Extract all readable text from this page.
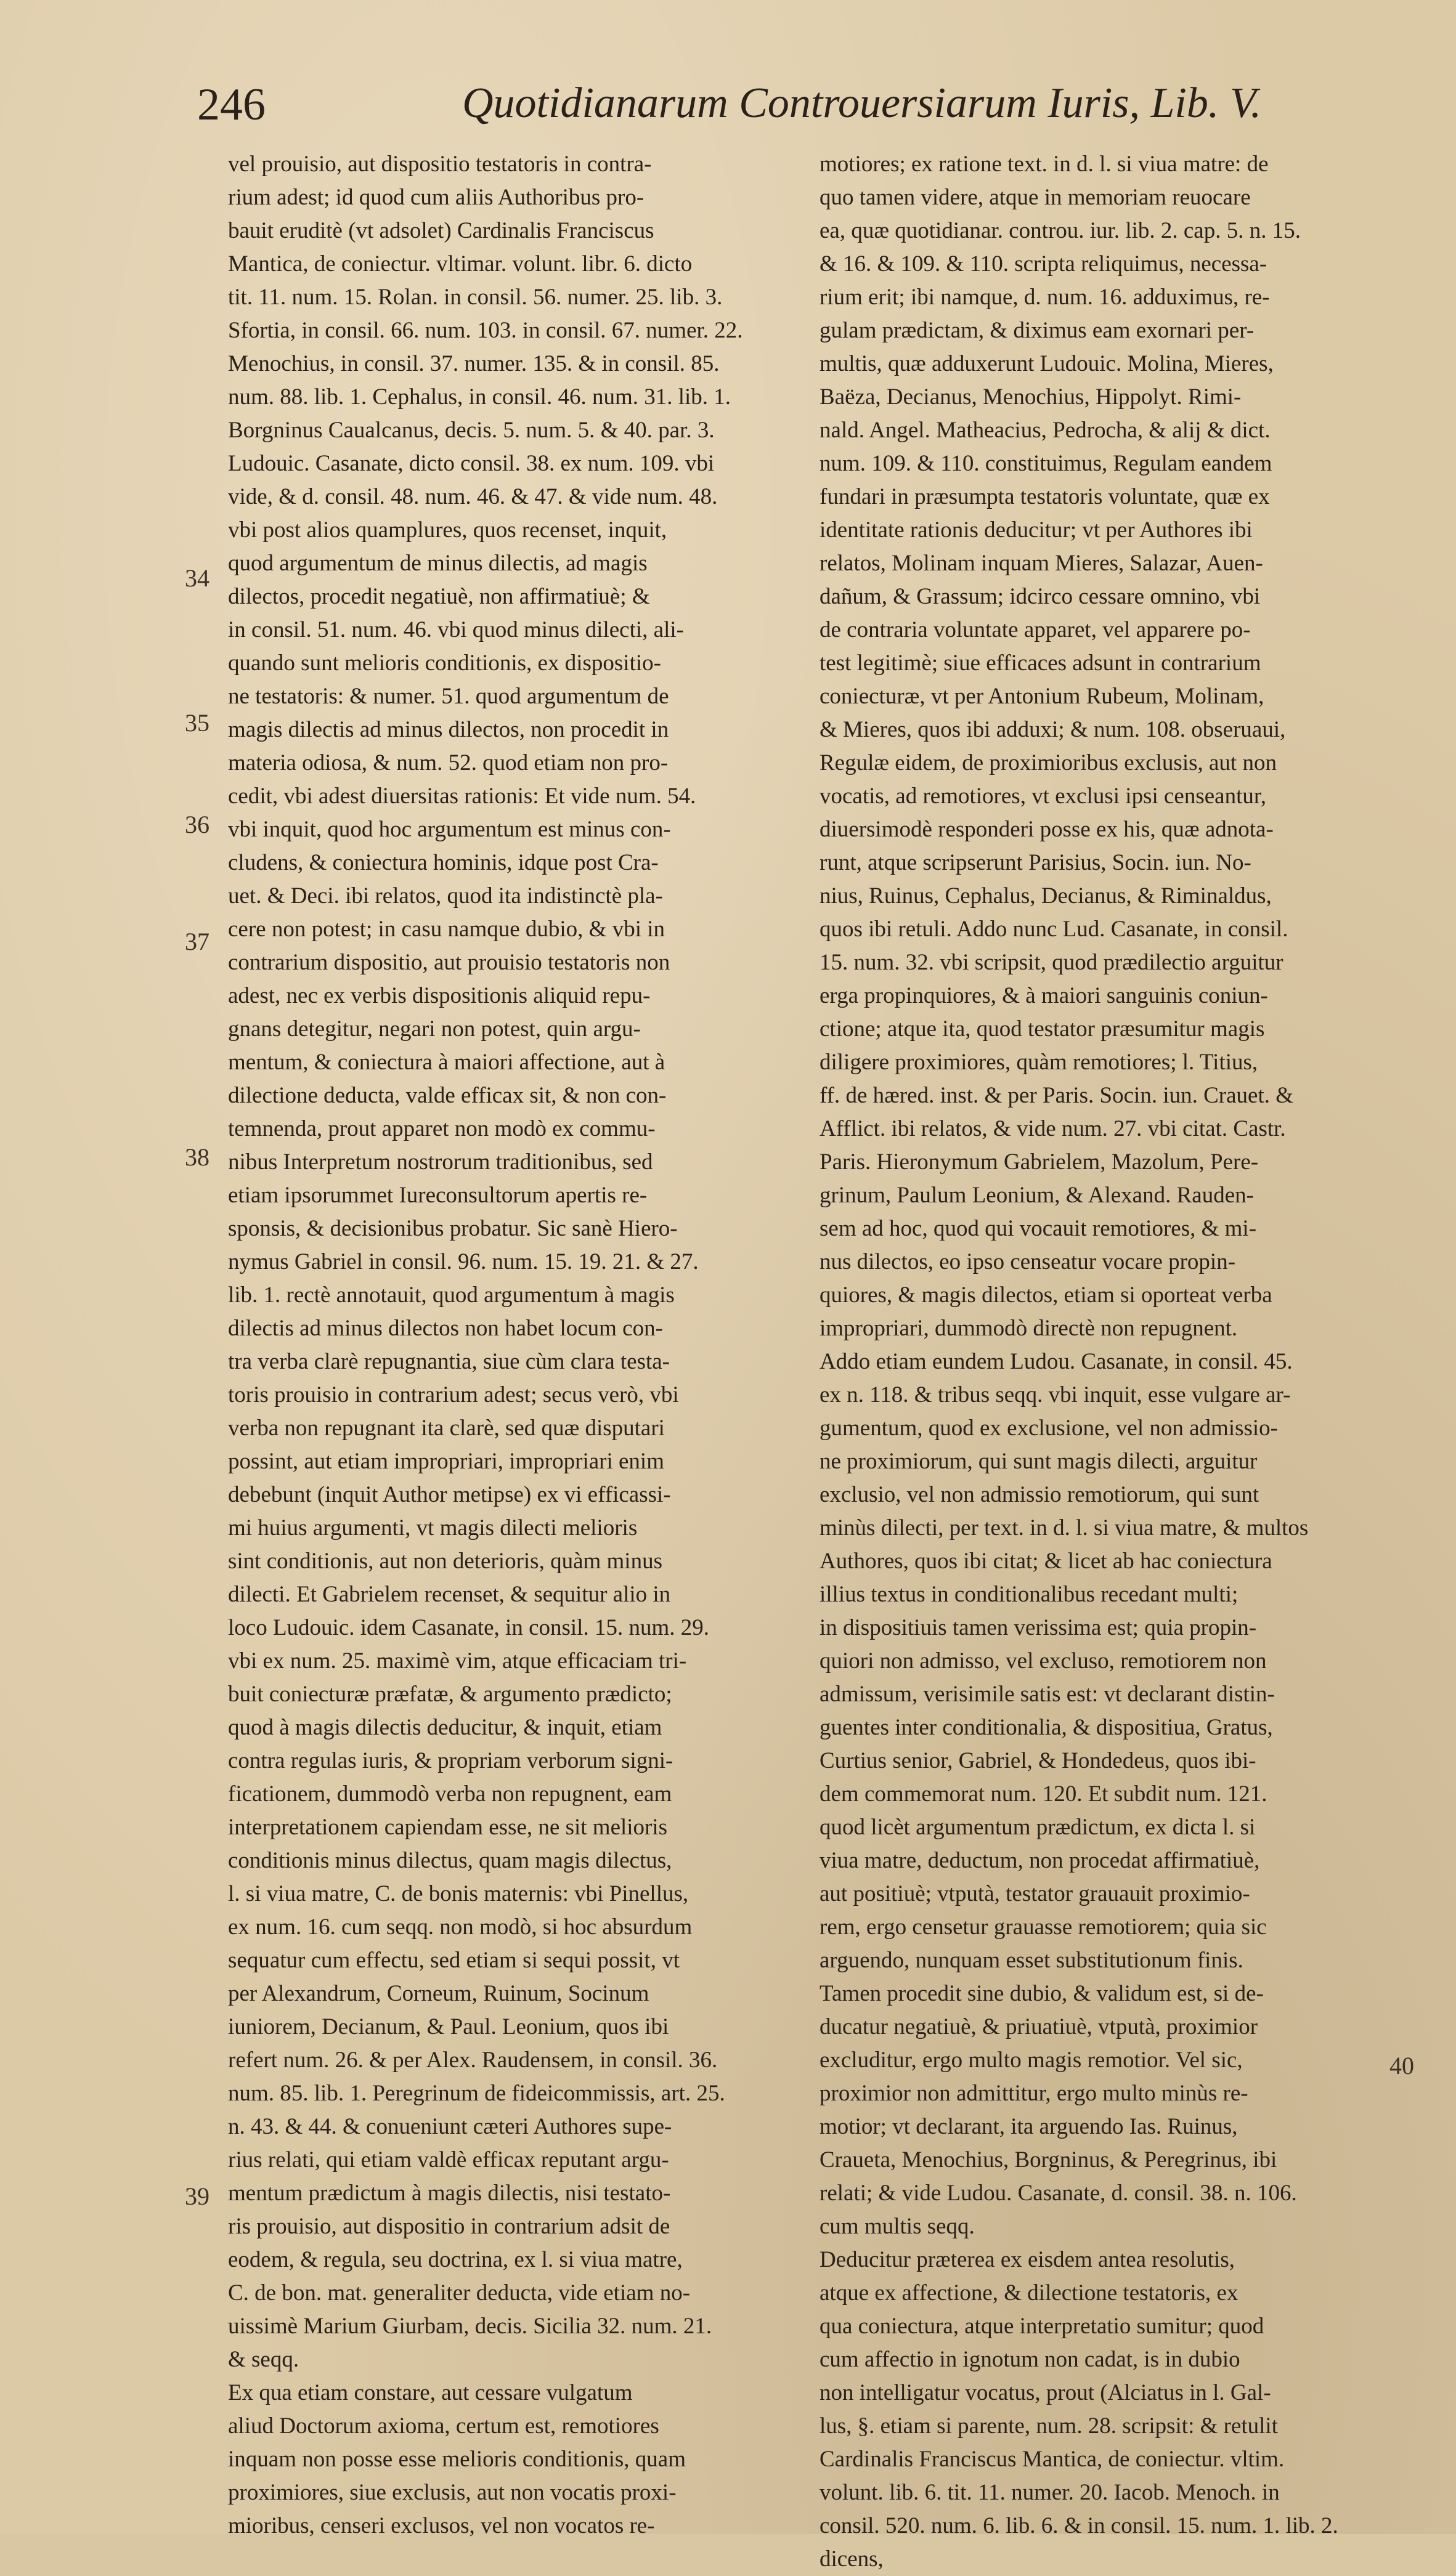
246	Quotidianarum Controuersiarum Iuris, Lib. V.
vel prouisio, aut dispositio testatoris in contra-
rium adest; id quod cum aliis Authoribus pro-
bauit eruditè (vt adsolet) Cardinalis Franciscus
Mantica, de coniectur. vltimar. volunt. libr. 6. dicto
tit. 11. num. 15. Rolan. in consil. 56. numer. 25. lib. 3.
Sfortia, in consil. 66. num. 103. in consil. 67. numer. 22.
Menochius, in consil. 37. numer. 135. & in consil. 85.
num. 88. lib. 1. Cephalus, in consil. 46. num. 31. lib. 1.
Borgninus Caualcanus, decis. 5. num. 5. & 40. par. 3.
Ludouic. Casanate, dicto consil. 38. ex num. 109. vbi
vide, & d. consil. 48. num. 46. & 47. & vide num. 48.
vbi post alios quamplures, quos recenset, inquit,
quod argumentum de minus dilectis, ad magis
dilectos, procedit negatiuè, non affirmatiuè; &
in consil. 51. num. 46. vbi quod minus dilecti, ali-
quando sunt melioris conditionis, ex dispositio-
ne testatoris: & numer. 51. quod argumentum de
magis dilectis ad minus dilectos, non procedit in
materia odiosa, & num. 52. quod etiam non pro-
cedit, vbi adest diuersitas rationis: Et vide num. 54.
vbi inquit, quod hoc argumentum est minus con-
cludens, & coniectura hominis, idque post Cra-
uet. & Deci. ibi relatos, quod ita indistinctè pla-
cere non potest; in casu namque dubio, & vbi in
contrarium dispositio, aut prouisio testatoris non
adest, nec ex verbis dispositionis aliquid repu-
gnans detegitur, negari non potest, quin argu-
mentum, & coniectura à maiori affectione, aut à
dilectione deducta, valde efficax sit, & non con-
temnenda, prout apparet non modò ex commu-
nibus Interpretum nostrorum traditionibus, sed
etiam ipsorummet Iureconsultorum apertis re-
sponsis, & decisionibus probatur. Sic sanè Hiero-
nymus Gabriel in consil. 96. num. 15. 19. 21. & 27.
lib. 1. rectè annotauit, quod argumentum à magis
dilectis ad minus dilectos non habet locum con-
tra verba clarè repugnantia, siue cùm clara testa-
toris prouisio in contrarium adest; secus verò, vbi
verba non repugnant ita clarè, sed quæ disputari
possint, aut etiam impropriari, impropriari enim
debebunt (inquit Author metipse) ex vi efficassi-
mi huius argumenti, vt magis dilecti melioris
sint conditionis, aut non deterioris, quàm minus
dilecti. Et Gabrielem recenset, & sequitur alio in
loco Ludouic. idem Casanate, in consil. 15. num. 29.
vbi ex num. 25. maximè vim, atque efficaciam tri-
buit coniecturæ præfatæ, & argumento prædicto;
quod à magis dilectis deducitur, & inquit, etiam
contra regulas iuris, & propriam verborum signi-
ficationem, dummodò verba non repugnent, eam
interpretationem capiendam esse, ne sit melioris
conditionis minus dilectus, quam magis dilectus,
l. si viua matre, C. de bonis maternis: vbi Pinellus,
ex num. 16. cum seqq. non modò, si hoc absurdum
sequatur cum effectu, sed etiam si sequi possit, vt
per Alexandrum, Corneum, Ruinum, Socinum
iuniorem, Decianum, & Paul. Leonium, quos ibi
refert num. 26. & per Alex. Raudensem, in consil. 36.
num. 85. lib. 1. Peregrinum de fideicommissis, art. 25.
n. 43. & 44. & conueniunt cæteri Authores supe-
rius relati, qui etiam valdè efficax reputant argu-
mentum prædictum à magis dilectis, nisi testato-
ris prouisio, aut dispositio in contrarium adsit de
eodem, & regula, seu doctrina, ex l. si viua matre,
C. de bon. mat. generaliter deducta, vide etiam no-
uissimè Marium Giurbam, decis. Sicilia 32. num. 21.
& seqq.
Ex qua etiam constare, aut cessare vulgatum
aliud Doctorum axioma, certum est, remotiores
inquam non posse esse melioris conditionis, quam
proximiores, siue exclusis, aut non vocatis proxi-
mioribus, censeri exclusos, vel non vocatos re-
motiores; ex ratione text. in d. l. si viua matre: de
quo tamen videre, atque in memoriam reuocare
ea, quæ quotidianar. controu. iur. lib. 2. cap. 5. n. 15.
& 16. & 109. & 110. scripta reliquimus, necessa-
rium erit; ibi namque, d. num. 16. adduximus, re-
gulam prædictam, & diximus eam exornari per-
multis, quæ adduxerunt Ludouic. Molina, Mieres,
Baëza, Decianus, Menochius, Hippolyt. Rimi-
nald. Angel. Matheacius, Pedrocha, & alij & dict.
num. 109. & 110. constituimus, Regulam eandem
fundari in præsumpta testatoris voluntate, quæ ex
identitate rationis deducitur; vt per Authores ibi
relatos, Molinam inquam Mieres, Salazar, Auen-
dañum, & Grassum; idcirco cessare omnino, vbi
de contraria voluntate apparet, vel apparere po-
test legitimè; siue efficaces adsunt in contrarium
coniecturæ, vt per Antonium Rubeum, Molinam,
& Mieres, quos ibi adduxi; & num. 108. obseruaui,
Regulæ eidem, de proximioribus exclusis, aut non
vocatis, ad remotiores, vt exclusi ipsi censeantur,
diuersimodè responderi posse ex his, quæ adnota-
runt, atque scripserunt Parisius, Socin. iun. No-
nius, Ruinus, Cephalus, Decianus, & Riminaldus,
quos ibi retuli. Addo nunc Lud. Casanate, in consil.
15. num. 32. vbi scripsit, quod prædilectio arguitur
erga propinquiores, & à maiori sanguinis coniun-
ctione; atque ita, quod testator præsumitur magis
diligere proximiores, quàm remotiores; l. Titius,
ff. de hæred. inst. & per Paris. Socin. iun. Crauet. &
Afflict. ibi relatos, & vide num. 27. vbi citat. Castr.
Paris. Hieronymum Gabrielem, Mazolum, Pere-
grinum, Paulum Leonium, & Alexand. Rauden-
sem ad hoc, quod qui vocauit remotiores, & mi-
nus dilectos, eo ipso censeatur vocare propin-
quiores, & magis dilectos, etiam si oporteat verba
impropriari, dummodò directè non repugnent.
Addo etiam eundem Ludou. Casanate, in consil. 45.
ex n. 118. & tribus seqq. vbi inquit, esse vulgare ar-
gumentum, quod ex exclusione, vel non admissio-
ne proximiorum, qui sunt magis dilecti, arguitur
exclusio, vel non admissio remotiorum, qui sunt
minùs dilecti, per text. in d. l. si viua matre, & multos
Authores, quos ibi citat; & licet ab hac coniectura
illius textus in conditionalibus recedant multi;
in dispositiuis tamen verissima est; quia propin-
quiori non admisso, vel excluso, remotiorem non
admissum, verisimile satis est: vt declarant distin-
guentes inter conditionalia, & dispositiua, Gratus,
Curtius senior, Gabriel, & Hondedeus, quos ibi-
dem commemorat num. 120. Et subdit num. 121.
quod licèt argumentum prædictum, ex dicta l. si
viua matre, deductum, non procedat affirmatiuè,
aut positiuè; vtputà, testator grauauit proximio-
rem, ergo censetur grauasse remotiorem; quia sic
arguendo, nunquam esset substitutionum finis.
Tamen procedit sine dubio, & validum est, si de-
ducatur negatiuè, & priuatiuè, vtputà, proximior
excluditur, ergo multo magis remotior. Vel sic,
proximior non admittitur, ergo multo minùs re-
motior; vt declarant, ita arguendo Ias. Ruinus,
Craueta, Menochius, Borgninus, & Peregrinus, ibi
relati; & vide Ludou. Casanate, d. consil. 38. n. 106.
cum multis seqq.
Deducitur præterea ex eisdem antea resolutis,
atque ex affectione, & dilectione testatoris, ex
qua coniectura, atque interpretatio sumitur; quod
cum affectio in ignotum non cadat, is in dubio
non intelligatur vocatus, prout (Alciatus in l. Gal-
lus, §. etiam si parente, num. 28. scripsit: & retulit
Cardinalis Franciscus Mantica, de coniectur. vltim.
volunt. lib. 6. tit. 11. numer. 20. Iacob. Menoch. in
consil. 520. num. 6. lib. 6. & in consil. 15. num. 1. lib. 2.
dicens,
34
35
36
37
38
39
40
